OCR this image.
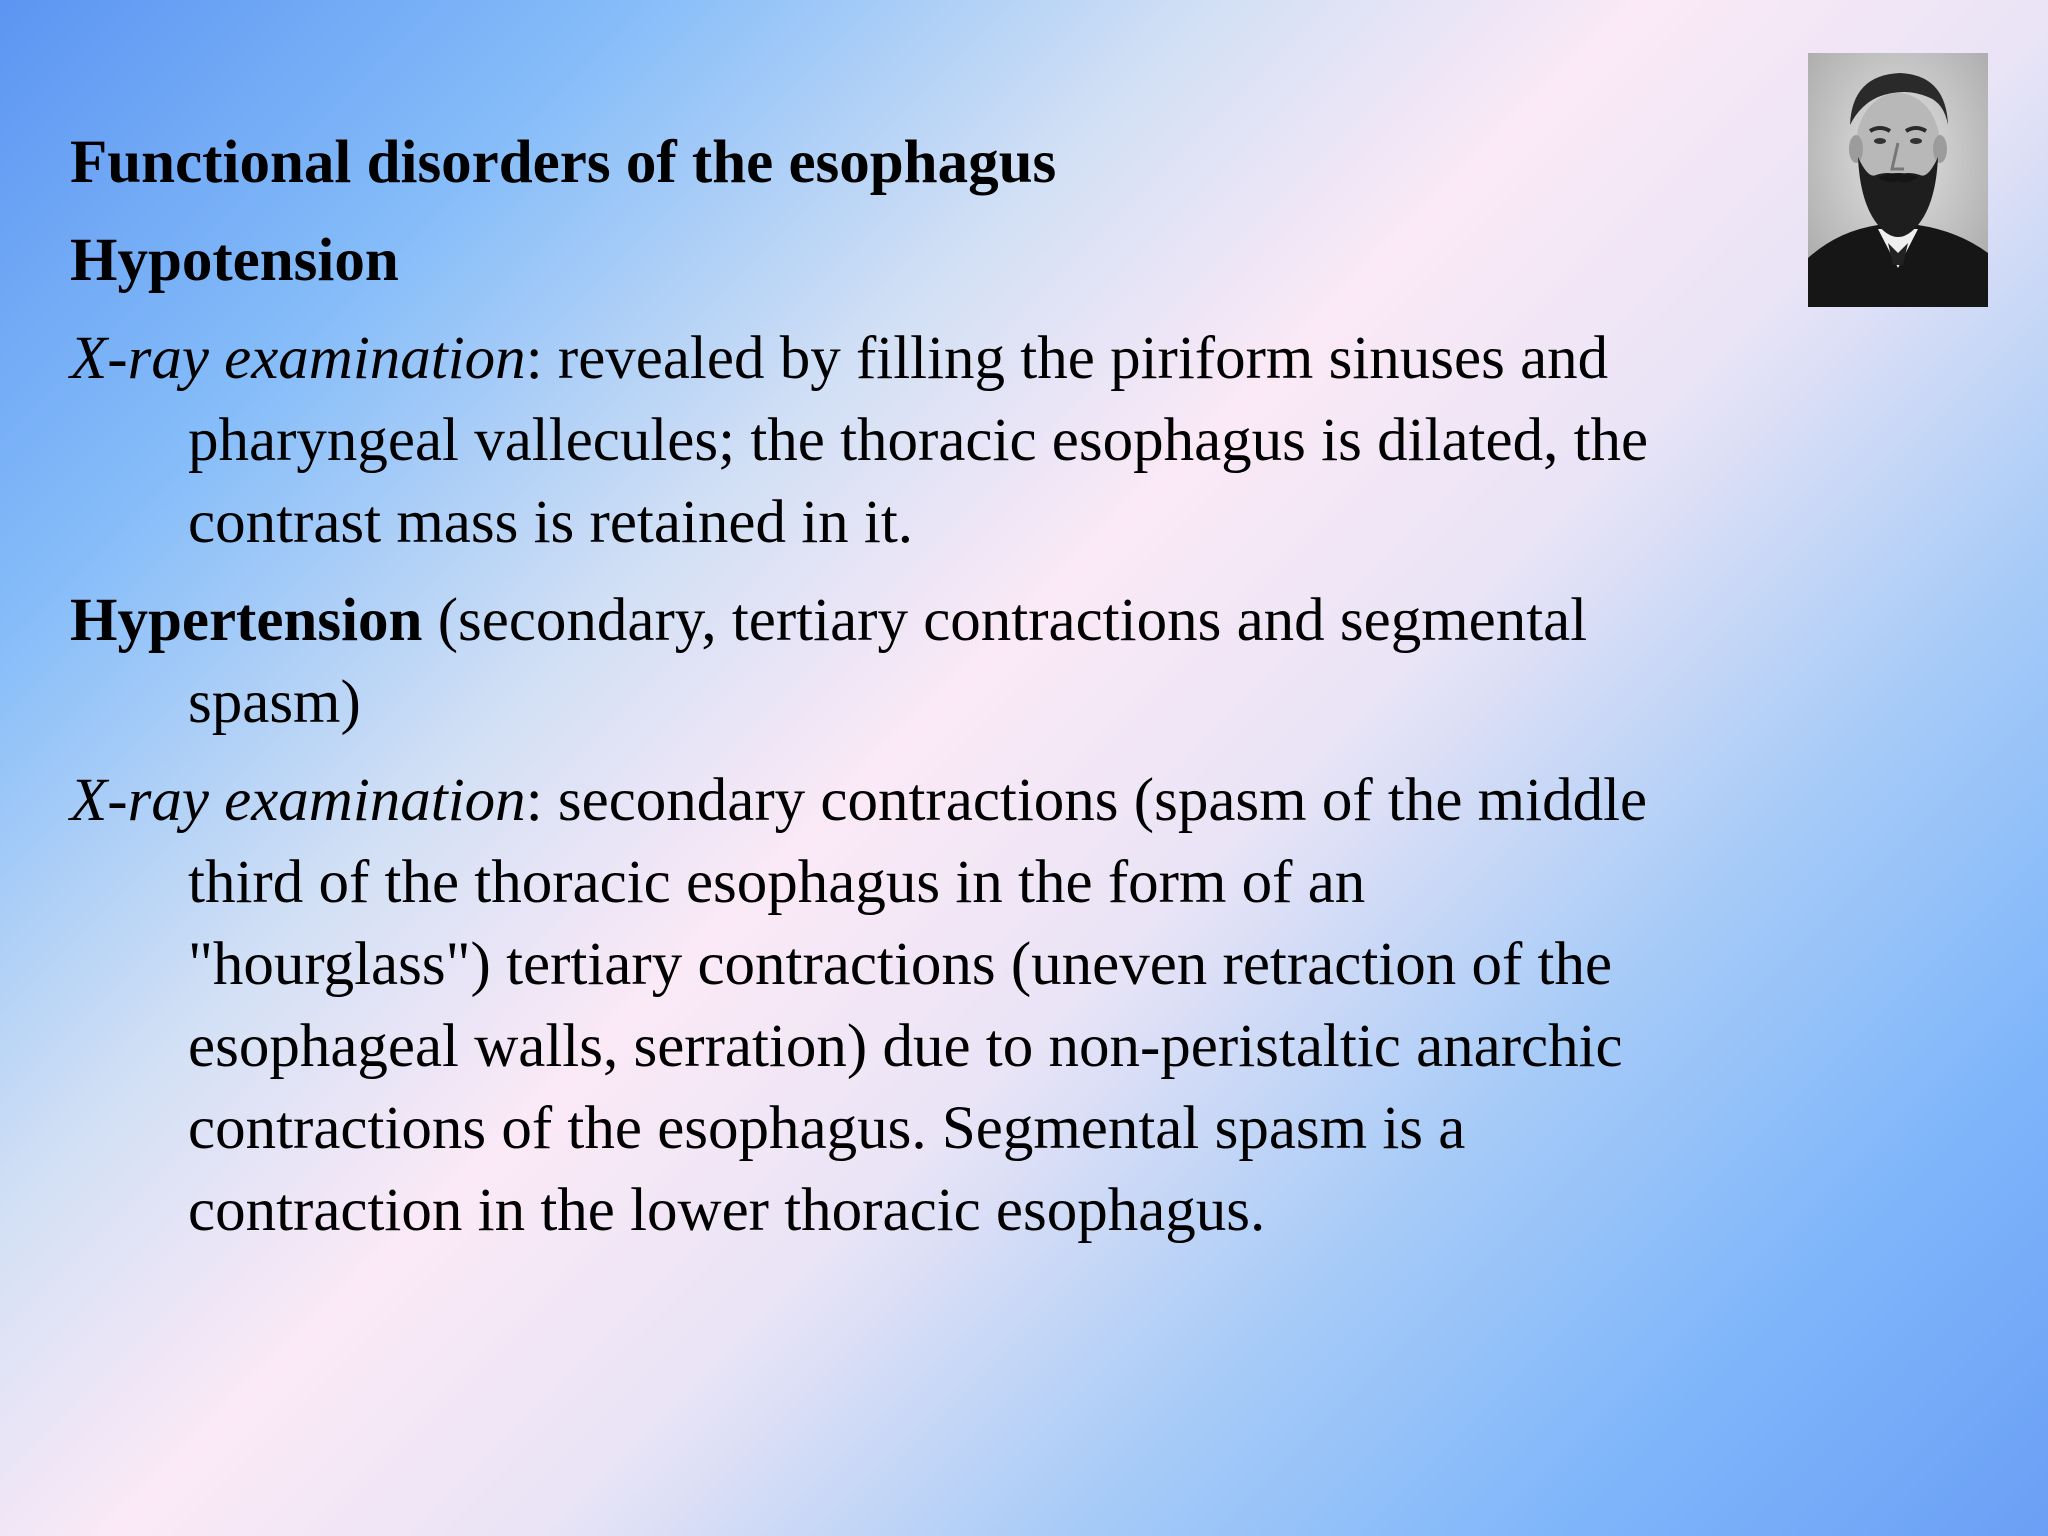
Functional disorders of the esophagus
Hypotension

X-ray examination: revealed by filling the piriform sinuses and pharyngeal vallecules; the thoracic esophagus is dilated, the contrast mass is retained in it.

Hypertension (secondary, tertiary contractions and segmental spasm)

X-ray examination: secondary contractions (spasm of the middle third of the thoracic esophagus in the form of an "hourglass") tertiary contractions (uneven retraction of the esophageal walls, serration) due to non-peristaltic anarchic contractions of the esophagus. Segmental spasm is a contraction in the lower thoracic esophagus.
